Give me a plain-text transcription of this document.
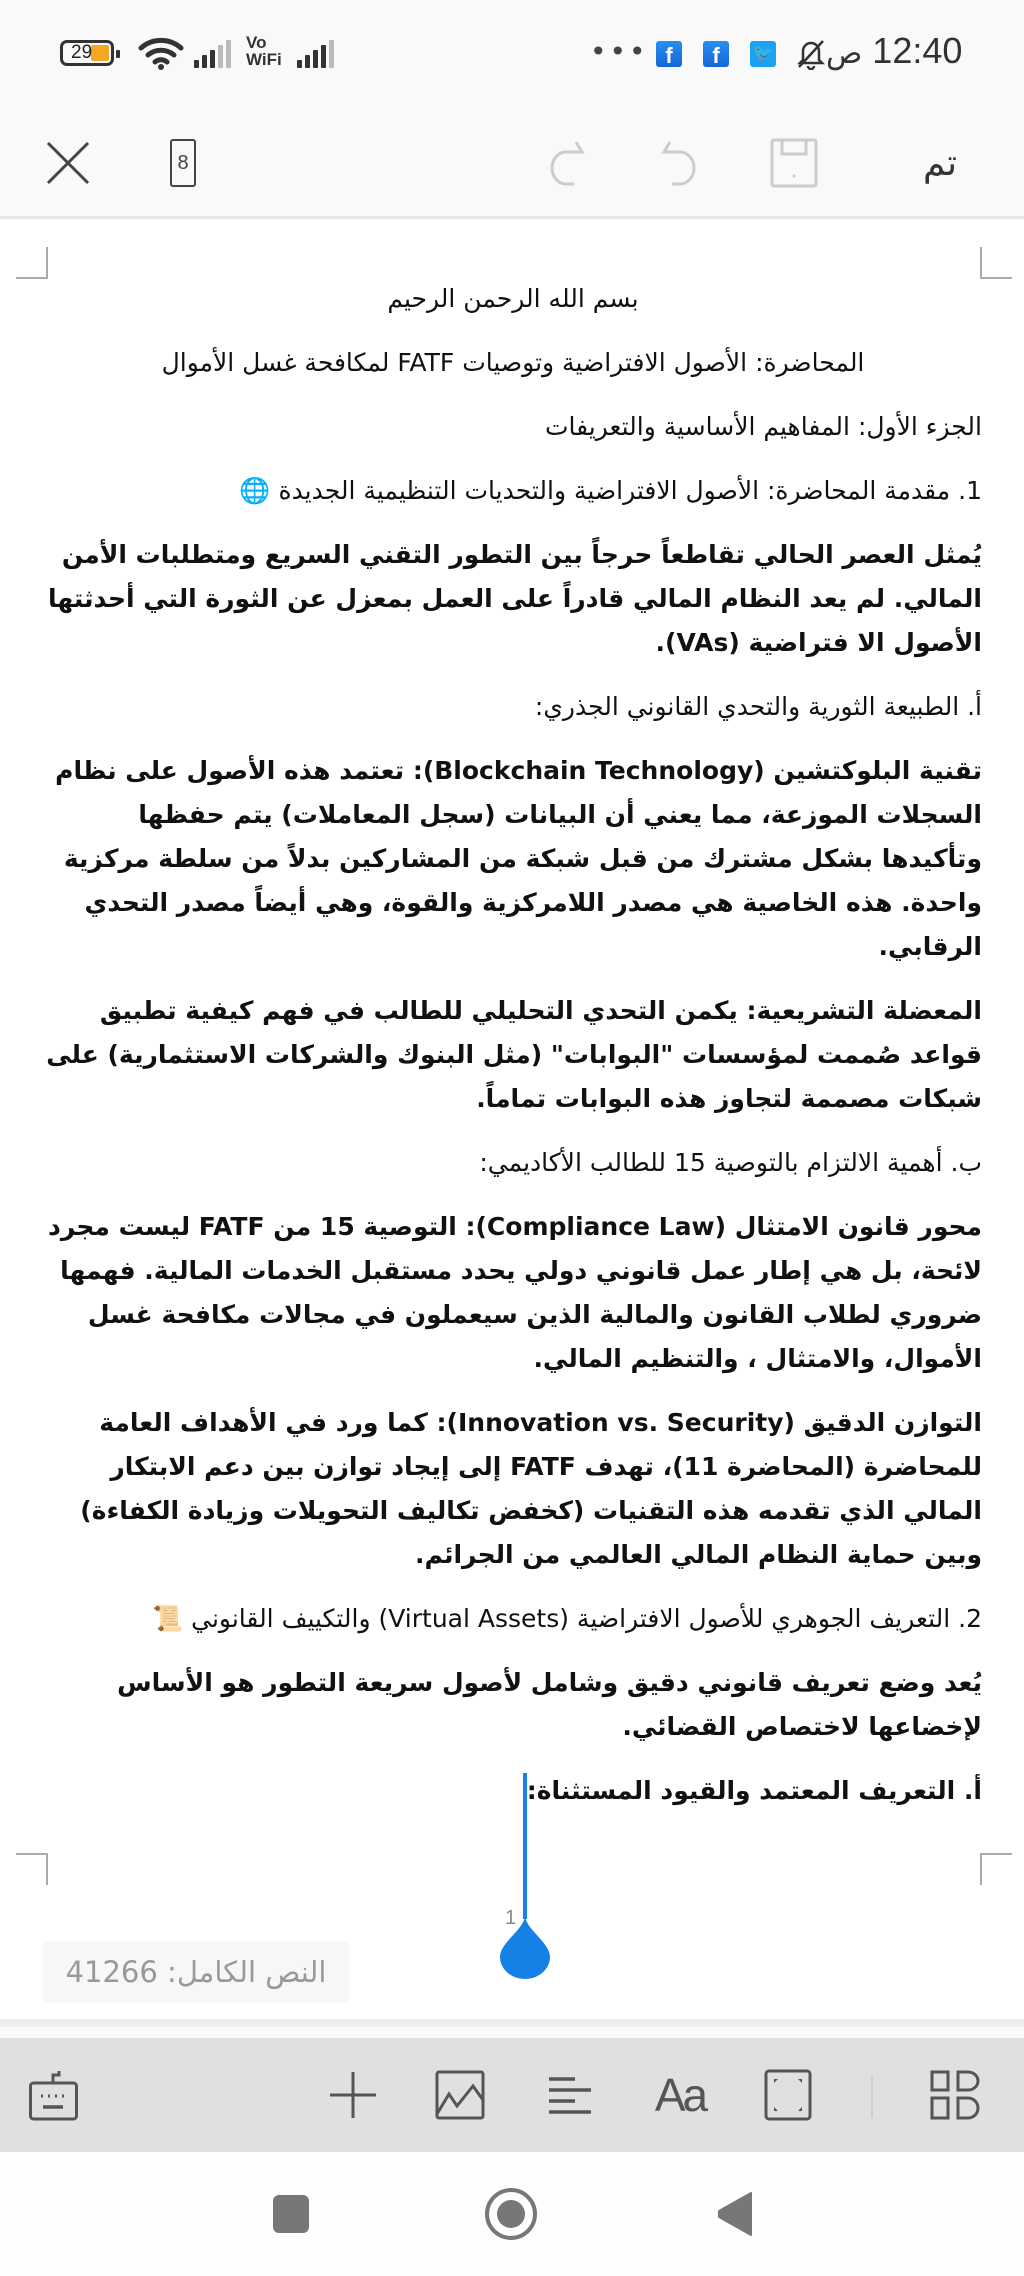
29	Vo WiFi	••• f	f	🐦	12:40 ص
8	تم

بسم الله الرحمن الرحيم

المحاضرة: الأصول الافتراضية وتوصيات FATF لمكافحة غسل الأموال

الجزء الأول: المفاهيم الأساسية والتعريفات

1. مقدمة المحاضرة: الأصول الافتراضية والتحديات التنظيمية الجديدة 🌐

يُمثل العصر الحالي تقاطعاً حرجاً بين التطور التقني السريع ومتطلبات الأمن المالي. لم يعد النظام المالي قادراً على العمل بمعزل عن الثورة التي أحدثتها الأصول الا فتراضية (VAs).

أ. الطبيعة الثورية والتحدي القانوني الجذري:

تقنية البلوكتشين (Blockchain Technology): تعتمد هذه الأصول على نظام السجلات الموزعة، مما يعني أن البيانات (سجل المعاملات) يتم حفظها وتأكيدها بشكل مشترك من قبل شبكة من المشاركين بدلاً من سلطة مركزية واحدة. هذه الخاصية هي مصدر اللامركزية والقوة، وهي أيضاً مصدر التحدي الرقابي.

المعضلة التشريعية: يكمن التحدي التحليلي للطالب في فهم كيفية تطبيق قواعد صُممت لمؤسسات "البوابات" (مثل البنوك والشركات الاستثمارية) على شبكات مصممة لتجاوز هذه البوابات تماماً.

ب. أهمية الالتزام بالتوصية 15 للطالب الأكاديمي:

محور قانون الامتثال (Compliance Law): التوصية 15 من FATF ليست مجرد لائحة، بل هي إطار عمل قانوني دولي يحدد مستقبل الخدمات المالية. فهمها ضروري لطلاب القانون والمالية الذين سيعملون في مجالات مكافحة غسل الأموال، والامتثال ، والتنظيم المالي.

التوازن الدقيق (Innovation vs. Security): كما ورد في الأهداف العامة للمحاضرة (المحاضرة 11)، تهدف FATF إلى إيجاد توازن بين دعم الابتكار المالي الذي تقدمه هذه التقنيات (كخفض تكاليف التحويلات وزيادة الكفاءة) وبين حماية النظام المالي العالمي من الجرائم.

2. التعريف الجوهري للأصول الافتراضية (Virtual Assets) والتكييف القانوني 📜

يُعد وضع تعريف قانوني دقيق وشامل لأصول سريعة التطور هو الأساس لإخضاعها لاختصاص القضائي.

أ. التعريف المعتمد والقيود المستثناة:

1
النص الكامل: 41266
Aa
